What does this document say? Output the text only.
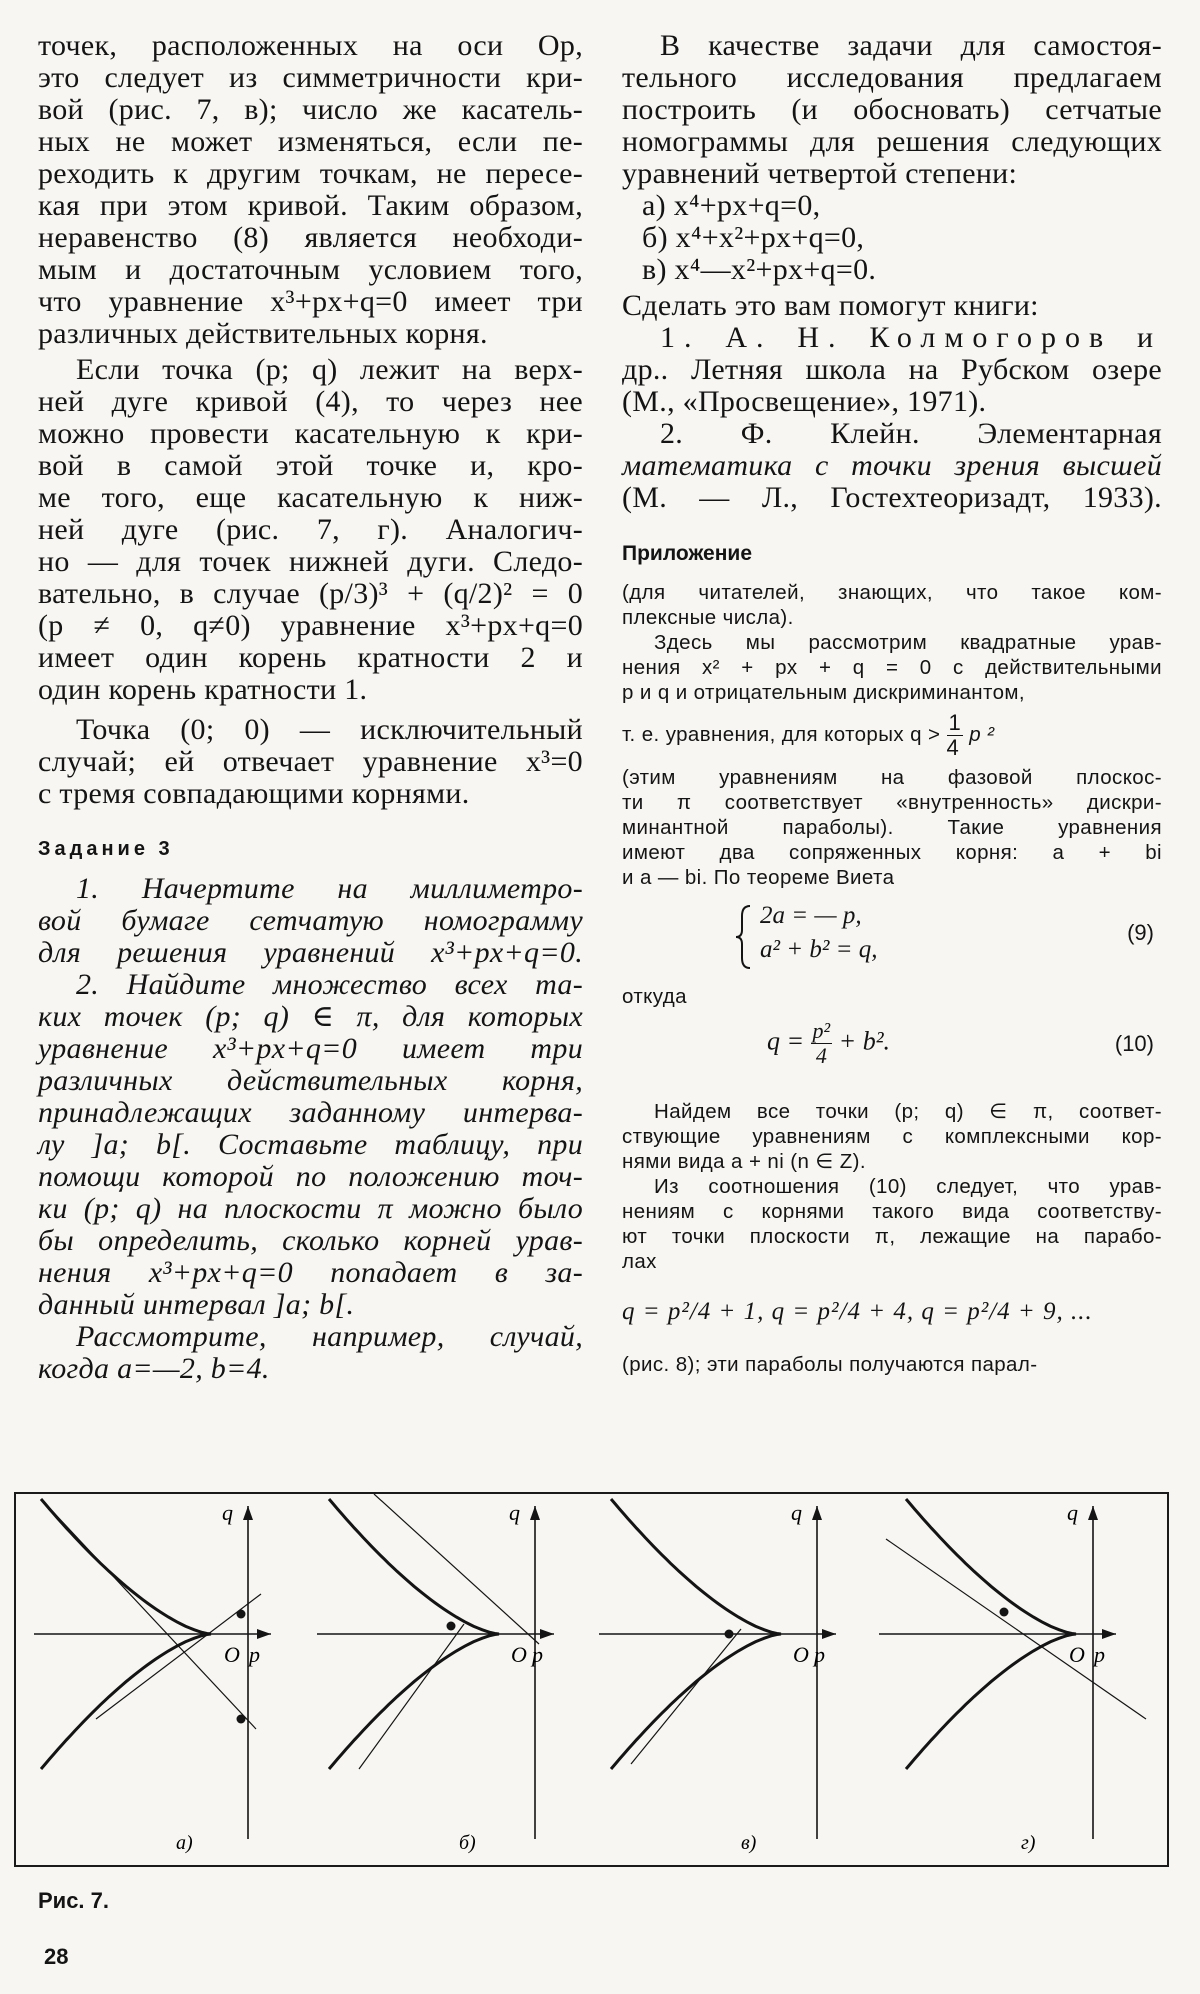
точек, расположенных на оси Op,

это следует из симметричности кри-

вой (рис. 7, в); число же касатель-

ных не может изменяться, если пе-

реходить к другим точкам, не пересе-

кая при этом кривой. Таким образом,

неравенство (8) является необходи-

мым и достаточным условием того,

что уравнение x³+px+q=0 имеет три

различных действительных корня.

Если точка (p; q) лежит на верх-

ней дуге кривой (4), то через нее

можно провести касательную к кри-

вой в самой этой точке и, кро-

ме того, еще касательную к ниж-

ней дуге (рис. 7, г). Аналогич-

но — для точек нижней дуги. Следо-

вательно, в случае (p/3)³ + (q/2)² = 0

(p ≠ 0, q≠0) уравнение x³+px+q=0

имеет один корень кратности 2 и

один корень кратности 1.

Точка (0; 0) — исключительный

случай; ей отвечает уравнение x³=0

с тремя совпадающими корнями.

Задание 3

1. Начертите на миллиметро-

вой бумаге сетчатую номограмму

для решения уравнений x³+px+q=0.

2. Найдите множество всех та-

ких точек (p; q) ∈ π, для которых

уравнение x³+px+q=0 имеет три

различных действительных корня,

принадлежащих заданному интерва-

лу ]a; b[. Составьте таблицу, при

помощи которой по положению точ-

ки (p; q) на плоскости π можно было

бы определить, сколько корней урав-

нения x³+px+q=0 попадает в за-

данный интервал ]a; b[.

Рассмотрите, например, случай,

когда a=—2, b=4.

В качестве задачи для самостоя-

тельного исследования предлагаем

построить (и обосновать) сетчатые

номограммы для решения следующих

уравнений четвертой степени:

а) x⁴+px+q=0,

б) x⁴+x²+px+q=0,

в) x⁴—x²+px+q=0.

Сделать это вам помогут книги:

1. А. Н. Колмогоров и

др.. Летняя школа на Рубском озере

(М., «Просвещение», 1971).

2. Ф. Клейн. Элементарная

математика с точки зрения высшей

(М. — Л., Гостехтеоризадт, 1933).

Приложение

(для читателей, знающих, что такое ком-

плексные числа).

Здесь мы рассмотрим квадратные урав-

нения x² + px + q = 0 с действительными

p и q и отрицательным дискриминантом,

т. е. уравнения, для которых $q > \frac{1}{4}$ p ²

(этим уравнениям на фазовой плоскос-

ти π соответствует «внутренность» дискри-

минантной параболы). Такие уравнения

имеют два сопряженных корня: a + bi

и a — bi. По теореме Виета

2a = — p,
a² + b² = q,
(9)
откуда
$q = \frac{\text{p²}}{4} + b^2$.	(10)

Найдем все точки (p; q) ∈ π, соответ-

ствующие уравнениям с комплексными кор-

нями вида a + ni (n ∈ Z).

Из соотношения (10) следует, что урав-

нениям с корнями такого вида соответству-

ют точки плоскости π, лежащие на парабо-

лах

q = p²/4 + 1, q = p²/4 + 4, q = p²/4 + 9, ...

(рис. 8); эти параболы получаются парал-

q
p
O
а)
q
p
O
б)
q
p
O
в)
q
p
O
г)
Рис. 7.
28
